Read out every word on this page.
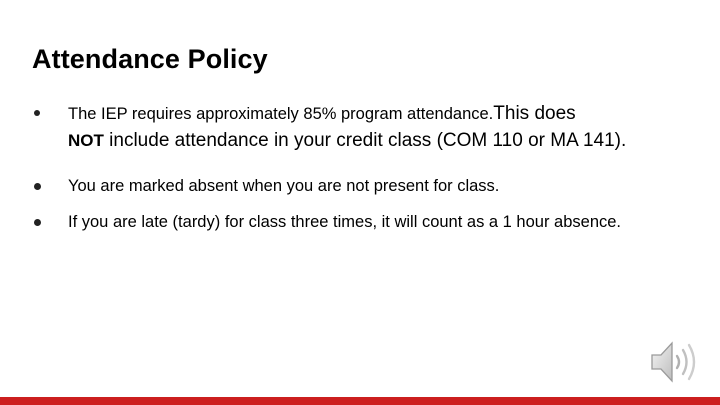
Attendance Policy
The IEP requires approximately 85% program attendance.This does
NOT include attendance in your credit class (COM 110 or MA 141).
You are marked absent when you are not present for class.
If you are late (tardy) for class three times, it will count as a 1 hour absence.
